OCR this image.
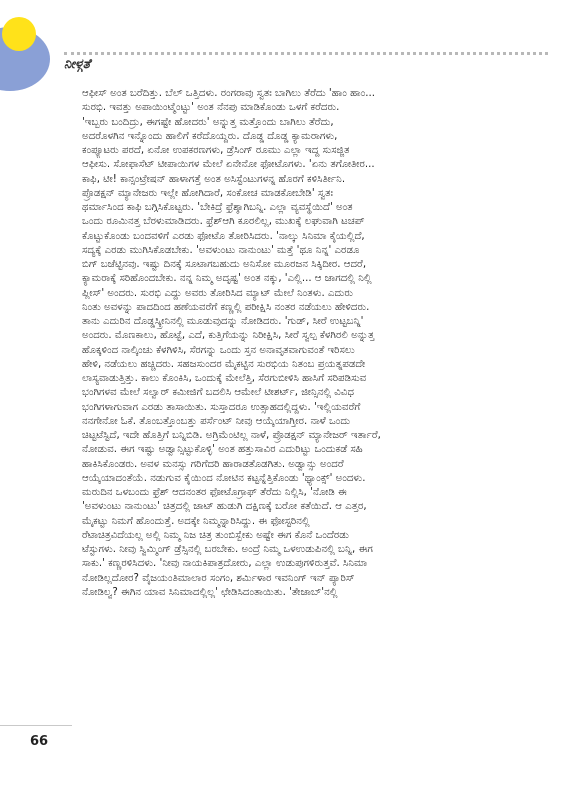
ನೀಳ್ಗತೆ

ಆಫೀಸ್ ಅಂತ ಬರೆದಿತ್ತು. ಬೆಲ್ ಒತ್ತಿದಳು. ರಂಗರಾವು ಸ್ವತಃ ಬಾಗಿಲು ತೆರೆದು 'ಹಾಂ ಹಾಂ...

ಸುರಭಿ. ಇವತ್ತು ಅಪಾಯಿಂಟ್ಮೆಂಟ್ಟು' ಅಂತ ನೆನಪು ಮಾಡಿಕೊಂಡು ಒಳಗೆ ಕರೆದರು.

'ಇಬ್ಬರು ಬಂದಿದ್ರು, ಈಗಷ್ಟೇ ಹೋದರು' ಅನ್ನುತ್ತ ಮತ್ತೊಂದು ಬಾಗಿಲು ತೆರೆದು,

ಅದರೊಳಗಿನ ಇನ್ನೊಂದು ಹಾಲಿಗೆ ಕರೆದೊಯ್ದರು. ದೊಡ್ಡ ದೊಡ್ಡ ಕ್ಯಾಮರಾಗಳು,

ಕಂಪ್ಯೂಟರು ಪರದೆ, ಏನೋ ಉಪಕರಣಗಳು, ಡ್ರೆಸಿಂಗ್ ರೂಮು ಎಲ್ಲಾ ಇದ್ದ ಸುಸಜ್ಜಿತ

ಆಫೀಸು. ಸೋಫಾಸೆಟ್ ಟೀಪಾಯಿಗಳ ಮೇಲೆ ಏನೇನೋ ಫೋಟೊಗಳು. 'ಏನು ತಗೋತೀರ...

ಕಾಫಿ, ಟೀ! ಕಾನ್ಸಂಟ್ರೇಷನ್ ಹಾಳಾಗತ್ತೆ ಅಂತ ಅಸಿಸ್ಟೆಂಟುಗಳನ್ನ ಹೊರಗೆ ಕಳಿಸಿರ್ತೀನಿ.

ಪ್ರೊಡಕ್ಷನ್ ಮ್ಯಾನೇಜರು ಇಲ್ಲೇ ಹೋಗಿದಾರೆ, ಸಂಕೋಚ ಮಾಡಕೋಬೇಡಿ' ಸ್ವತಃ

ಥರ್ಮಾಸಿಂದ ಕಾಫಿ ಬಗ್ಗಿಸಿಕೊಟ್ಟರು. 'ಬೇಕಿದ್ರೆ ಫ್ರೆಶ್ಶಾಗಿಬನ್ನಿ. ಎಲ್ಲಾ ವ್ಯವಸ್ಥೆಯಿದೆ' ಅಂತ

ಒಂದು ರೂಮಿನತ್ತ ಬೆರಳುಮಾಡಿದರು. ಫ್ರೆಶ್‌ಆಗಿ ಕೂರಲಿಲ್ಲ, ಮುಖಕ್ಕೆ ಲಘುವಾಗಿ ಟಚಪ್

ಕೊಟ್ಟುಕೊಂಡು ಬಂದವಳಿಗೆ ಎರಡು ಫೋಟೊ ತೋರಿಸಿದರು. 'ನಾಲ್ಕು ಸಿನಿಮಾ ಕೈಯಲ್ಲಿದೆ,

ಸದ್ಯಕ್ಕೆ ಎರಡು ಮುಗಿಸಿಕೊಡಬೇಕು. 'ಅವಳುಂಟು ನಾನುಂಟು' ಮತ್ತೆ 'ಥೂ ನಿನ್ನ' ಎರಡೂ

ಬಿಗ್ ಬಜೆಟ್ಟಿನವು. ಇಷ್ಟು ದಿನಕ್ಕೆ ಸೂಟಾಗಬಹುದು ಅನಿಸೋ ಮೂರಜನ ಸಿಕ್ಕಿದೀರ. ಆದರೆ,

ಕ್ಯಾಮರಾಕ್ಕೆ ಸರಿಹೊಂದಬೇಕು. ನನ್ನ ನಿಮ್ಮ ಅದೃಷ್ಟ' ಅಂತ ನಕ್ಕು, 'ಎಲ್ಲಿ... ಆ ಜಾಗದಲ್ಲಿ ನಿಲ್ಲಿ

ಪ್ಲೀಸ್' ಅಂದರು. ಸುರಭಿ ಎದ್ದು ಅವರು ತೋರಿಸಿದ ಮ್ಯಾಟ್ ಮೇಲೆ ನಿಂತಳು. ಎದುರು

ನಿಂತು ಅವಳನ್ನು ಪಾದದಿಂದ ಹಣೆಯವರೆಗೆ ಕಣ್ಣಲ್ಲಿ ಪರೀಕ್ಷಿಸಿ ನಂತರ ನಡೆಯಲು ಹೇಳಿದರು.

ತಾನು ಎದುರಿನ ದೊಡ್ಡಸ್ಕ್ರೀನಿನಲ್ಲಿ ಮೂಡುವುದನ್ನು ನೋಡಿದರು. 'ಗುಡ್, ಸೀರೆ ಉಟ್ಟಬನ್ನಿ'

ಅಂದರು. ಮೊಣಕಾಲು, ಹೊಟ್ಟೆ, ಎದೆ, ಕುತ್ತಿಗೆಯನ್ನು ನಿರೀಕ್ಷಿಸಿ, ಸೀರೆ ಸ್ವಲ್ಪ ಕೆಳಗಿರಲಿ ಅನ್ನುತ್ತ

ಹೊಕ್ಕಳಿಂದ ನಾಲ್ಕಿಂಚು ಕೆಳಗಿಳಿಸಿ, ಸೆರಗನ್ನು ಒಂದು ಸ್ತನ ಅನಾವೃತವಾಗುವಂತೆ ಇರಿಸಲು

ಹೇಳಿ, ನಡೆಯಲು ಹಚ್ಚಿದರು. ಸಹಜಸುಂದರ ಮೈಕಟ್ಟಿನ ಸುರಭಿಯ ನಿತಂಬ ಪ್ರಯತ್ನಪಡದೇ

ಲಾಸ್ಯವಾಡುತ್ತಿತ್ತು. ಕಾಲು ಕೊಂಕಿಸಿ, ಒಂದುಕ್ಕೆ ಮೇಲೆತ್ತಿ, ಸೆರಗುಬೀಳಿಸಿ ಹಾಸಿಗೆ ಸರಿಪಡಿಸುವ

ಭಂಗಿಗಳವ ಮೇಲೆ ಸಲ್ವಾರ್ ಕಮೀಜಿಗೆ ಬದಲಿಸಿ ಆಮೇಲೆ ಟೀಶರ್ಟ್, ಜೀನ್ಸಿನಲ್ಲಿ ವಿವಿಧ

ಭಂಗಿಗಳಾಗುವಾಗ ಎರಡು ತಾಸಾಯಿತು. ಸುಸ್ತಾದರೂ ಉತ್ಸಾಹದಲ್ಲಿದ್ದಳು. 'ಇಲ್ಲಿಯವರೆಗೆ

ನನಗೇನೋ ಓಕೆ. ತೊಂಬತ್ತೊಂಬತ್ತು ಪರ್ಸೆಂಟ್ ನೀವು ಆಯ್ಕೆಯಾಗ್ತೀರ. ನಾಳೆ ಒಂದು

ಚಿಟ್ಟಟೆಸ್ಟಿದೆ, ಇದೇ ಹೊತ್ತಿಗೆ ಬನ್ನಿಬಿಡಿ. ಅಗ್ರಿಮೆಂಟಿಲ್ಲ ನಾಳೆ, ಪ್ರೊಡಕ್ಷನ್ ಮ್ಯಾನೇಜರ್ ಇರ್ತಾರೆ,

ನೋಡುವ. ಈಗ ಇಷ್ಟು ಅಡ್ವಾನ್ಸಿಟ್ಟುಕೊಳ್ಳಿ' ಅಂತ ಹತ್ತುಸಾವಿರ ಎದುರಿಟ್ಟು ಒಂದುಕಡೆ ಸಹಿ

ಹಾಕಿಸಿಕೊಂಡರು. ಅವಳ ಮನಸ್ಸು ಗರಿಗೆದರಿ ಹಾರಾಡತೊಡಗಿತು. ಅಡ್ವಾನ್ಸು ಅಂದರೆ

ಆಯ್ಕೆಯಾದಂತೆಯೆ. ನಡುಗುವ ಕೈಯಿಂದ ನೋಟಿನ ಕಟ್ಟನ್ನೆತ್ತಿಕೊಂಡು 'ಥ್ಯಾಂಕ್ಸ್' ಅಂದಳು.

ಮರುದಿನ ಒಳಬಂದು ಫ್ರೆಶ್ ಆದನಂತರ ಫೋಟೊಗ್ರಾಫ್ ತೆರೆದು ನಿಲ್ಲಿಸಿ, 'ನೋಡಿ ಈ

'ಅವಳುಂಟು ನಾನುಂಟು' ಚಿತ್ರದಲ್ಲಿ ಜಾಟ್ ಹುಡುಗಿ ದಕ್ಷಿಣಕ್ಕೆ ಬರೋ ಕತೆಯಿದೆ. ಆ ಎತ್ತರ,

ಮೈಕಟ್ಟು ನಿಮಗೆ ಹೊಂದುತ್ತೆ. ಅದಕ್ಕೇ ನಿಮ್ಮನ್ನಾರಿಸಿದ್ದು. ಈ ಫೋಸ್ಟರಿನಲ್ಲಿ

ರೆಟಾಚಿತ್ರವಿದೆಯಲ್ಲ ಅಲ್ಲಿ ನಿಮ್ಮ ನಿಜ ಚಿತ್ರ ತುಂಬಿಸ್ಬೇಕು ಅಷ್ಟೇ ಈಗ ಕೊನೆ ಒಂದೆರಡು

ಟೆಸ್ಟುಗಳು. ನೀವು ಸ್ವಿಮ್ಮಿಂಗ್ ಡ್ರೆಸ್ಸಿನಲ್ಲಿ ಬರಬೇಕು. ಅಂದ್ರೆ ನಿಮ್ಮ ಒಳಉಡುಪಿನಲ್ಲಿ ಬನ್ನಿ, ಈಗ

ಸಾಕು.' ಕಣ್ಣರಳಿಸಿದಳು. 'ನೀವು ನಾಯಕಿಪಾತ್ರದೋರು, ಎಲ್ಲಾ ಉಡುಪುಗಳಿರುತ್ತವೆ. ಸಿನಿಮಾ

ನೋಡಿಲ್ಲದೋರ? ವೈಜಯಂತಿಮಾಲಾರ ಸಂಗಂ, ಶರ್ಮಿಳಾರ ಇವನಿಂಗ್ ಇನ್ ಪ್ಯಾರಿಸ್

ನೋಡಿಲ್ವ? ಈಗಿನ ಯಾವ ಸಿನಿಮಾದಲ್ಲಿಲ್ಲ' ಛೇಡಿಸಿದಂತಾಯಿತು. 'ತೇಜಾಬ್'ನಲ್ಲಿ

66
